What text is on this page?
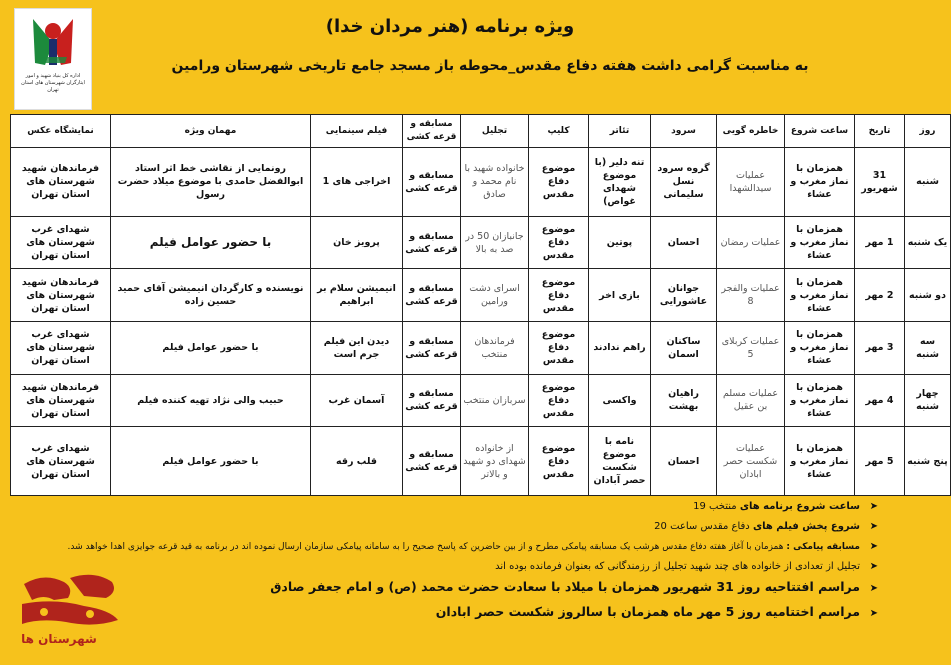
اداره کل بنیاد شهید و امور ایثارگران شهرستان های استان تهران
ویژه برنامه (هنر مردان خدا)
به مناسبت گرامی داشت هفته دفاع مقدس_محوطه باز مسجد جامع تاریخی شهرستان ورامین
روز	تاریخ	ساعت شروع	خاطره گویی	سرود	تئاتر	کلیپ	تجلیل	مسابقه و قرعه کشی	فیلم سینمایی	مهمان ویژه	نمایشگاه عکس
شنبه	31 شهریور	همزمان با نماز مغرب و عشاء	عملیات سیدالشهدا	گروه سرود نسل سلیمانی	تنه دلیر (با موضوع شهدای غواص)	موضوع دفاع مقدس	خانواده شهید با نام محمد و صادق	مسابقه و قرعه کشی	اخراجی های 1	رونمایی از نقاشی خط اثر استاد ابوالفضل حامدی با موضوع میلاد حضرت رسول	فرماندهان شهید شهرستان های استان تهران
یک شنبه	1 مهر	همزمان با نماز مغرب و عشاء	عملیات رمضان	احسان	پوتین	موضوع دفاع مقدس	جانبازان 50 در صد به بالا	مسابقه و قرعه کشی	پرویز خان	با حضور عوامل فیلم	شهدای غرب شهرستان های استان تهران
دو شنبه	2 مهر	همزمان با نماز مغرب و عشاء	عملیات والفجر 8	جوانان عاشورایی	بازی اخر	موضوع دفاع مقدس	اسرای دشت ورامین	مسابقه و قرعه کشی	انیمیشن سلام بر ابراهیم	نویسنده و کارگردان انیمیشن آقای حمید حسین زاده	فرماندهان شهید شهرستان های استان تهران
سه شنبه	3 مهر	همزمان با نماز مغرب و عشاء	عملیات کربلای 5	ساکنان اسمان	راهم ندادند	موضوع دفاع مقدس	فرماندهان منتخب	مسابقه و قرعه کشی	دیدن این فیلم جرم است	با حضور عوامل فیلم	شهدای غرب شهرستان های استان تهران
چهار شنبه	4 مهر	همزمان با نماز مغرب و عشاء	عملیات مسلم بن عقیل	راهیان بهشت	واکسی	موضوع دفاع مقدس	سربازان منتخب	مسابقه و قرعه کشی	آسمان غرب	حبیب والی نژاد تهیه کننده فیلم	فرماندهان شهید شهرستان های استان تهران
پنج شنبه	5 مهر	همزمان با نماز مغرب و عشاء	عملیات شکست حصر ابادان	احسان	نامه با موضوع شکست حصر آبادان	موضوع دفاع مقدس	از خانواده شهدای دو شهید و بالاتر	مسابقه و قرعه کشی	قلب رقه	با حضور عوامل فیلم	شهدای غرب شهرستان های استان تهران
➤
ساعت شروع برنامه های منتخب 19
➤
شروع پخش فیلم های دفاع مقدس ساعت 20
➤
مسابقه پیامکی : همزمان با آغاز هفته دفاع مقدس هرشب یک مسابقه پیامکی مطرح و از بین حاضرین که پاسخ صحیح را به سامانه پیامکی سازمان ارسال نموده اند در برنامه به قید قرعه جوایزی اهدا خواهد شد.
➤
تجلیل از تعدادی از خانواده های چند شهید تجلیل از رزمندگانی که بعنوان فرمانده بوده اند
➤
مراسم افتتاحیه روز 31 شهریور همزمان با میلاد با سعادت حضرت محمد (ص) و امام جعفر صادق
➤
مراسم اختتامیه روز 5 مهر ماه همزمان با سالروز شکست حصر ابادان
شهرستان ها
